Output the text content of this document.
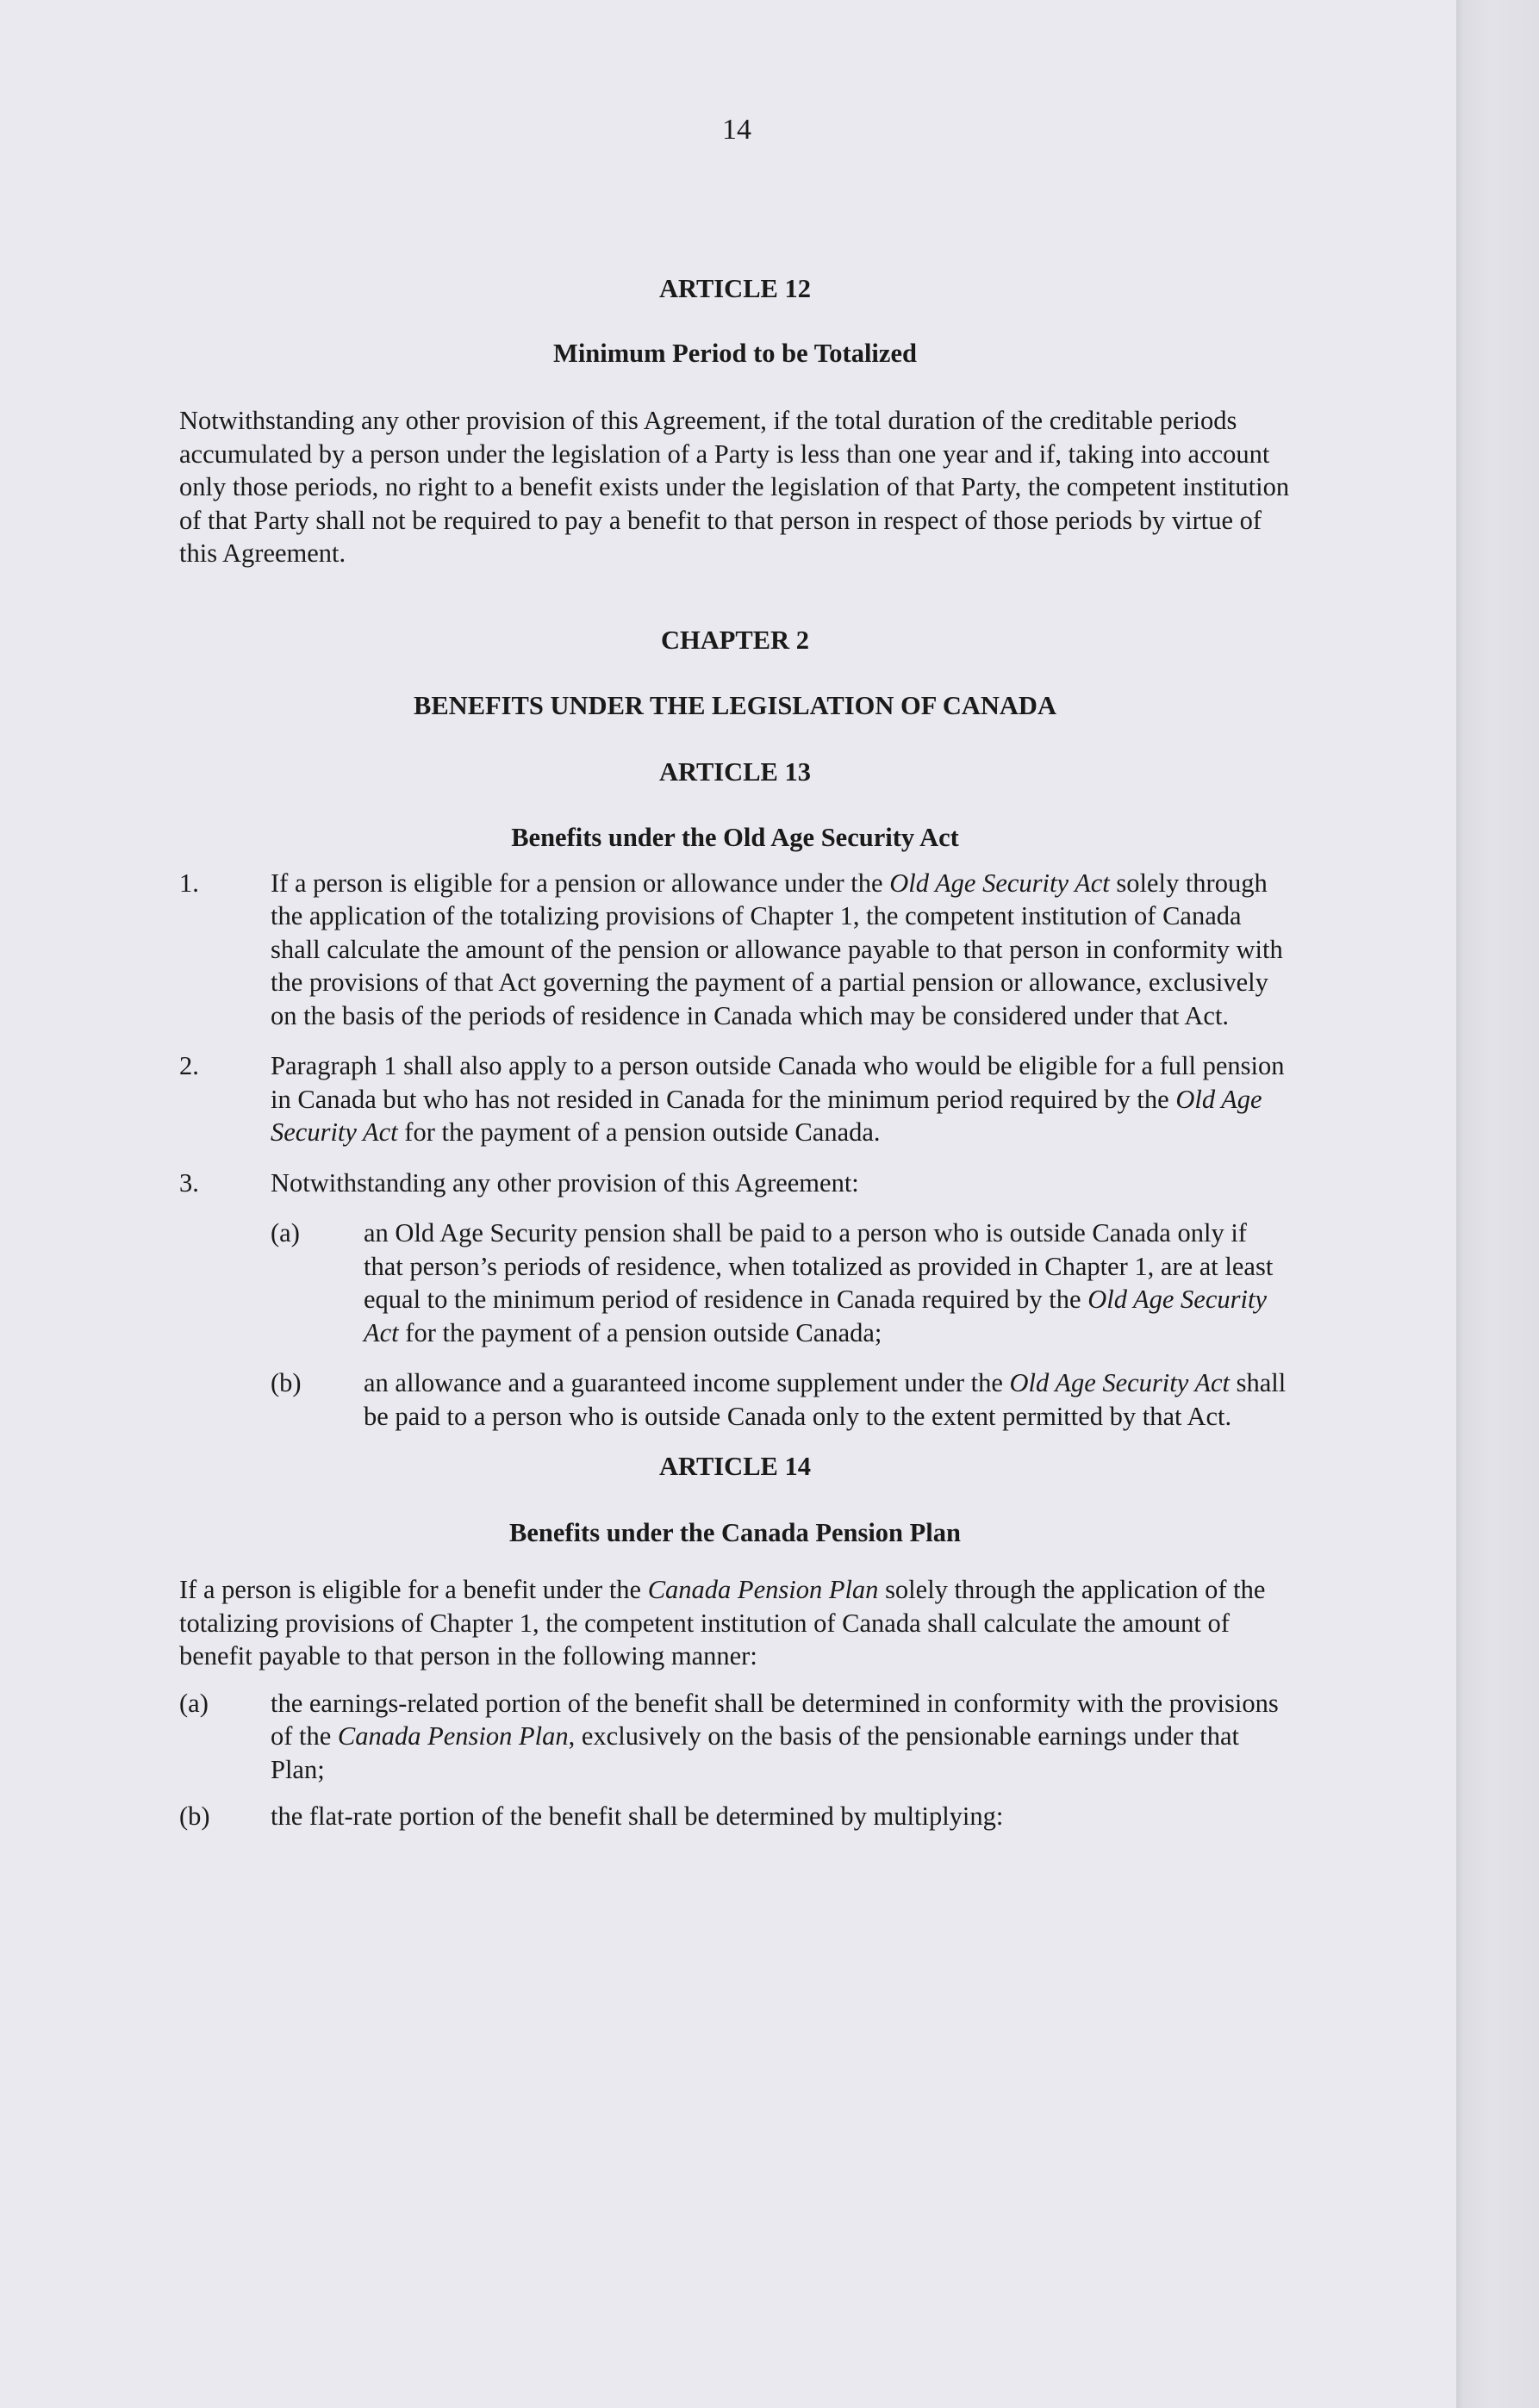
14

ARTICLE 12

Minimum Period to be Totalized

Notwithstanding any other provision of this Agreement, if the total duration of the creditable periods accumulated by a person under the legislation of a Party is less than one year and if, taking into account only those periods, no right to a benefit exists under the legislation of that Party, the competent institution of that Party shall not be required to pay a benefit to that person in respect of those periods by virtue of this Agreement.

CHAPTER 2

BENEFITS UNDER THE LEGISLATION OF CANADA

ARTICLE 13

Benefits under the Old Age Security Act

1.	If a person is eligible for a pension or allowance under the Old Age Security Act solely through the application of the totalizing provisions of Chapter 1, the competent institution of Canada shall calculate the amount of the pension or allowance payable to that person in conformity with the provisions of that Act governing the payment of a partial pension or allowance, exclusively on the basis of the periods of residence in Canada which may be considered under that Act.
2.	Paragraph 1 shall also apply to a person outside Canada who would be eligible for a full pension in Canada but who has not resided in Canada for the minimum period required by the Old Age Security Act for the payment of a pension outside Canada.
3.	Notwithstanding any other provision of this Agreement:
(a)	an Old Age Security pension shall be paid to a person who is outside Canada only if that person’s periods of residence, when totalized as provided in Chapter 1, are at least equal to the minimum period of residence in Canada required by the Old Age Security Act for the payment of a pension outside Canada;
(b)	an allowance and a guaranteed income supplement under the Old Age Security Act shall be paid to a person who is outside Canada only to the extent permitted by that Act.

ARTICLE 14

Benefits under the Canada Pension Plan

If a person is eligible for a benefit under the Canada Pension Plan solely through the application of the totalizing provisions of Chapter 1, the competent institution of Canada shall calculate the amount of benefit payable to that person in the following manner:

(a)	the earnings-related portion of the benefit shall be determined in conformity with the provisions of the Canada Pension Plan, exclusively on the basis of the pensionable earnings under that Plan;
(b)	the flat-rate portion of the benefit shall be determined by multiplying:
